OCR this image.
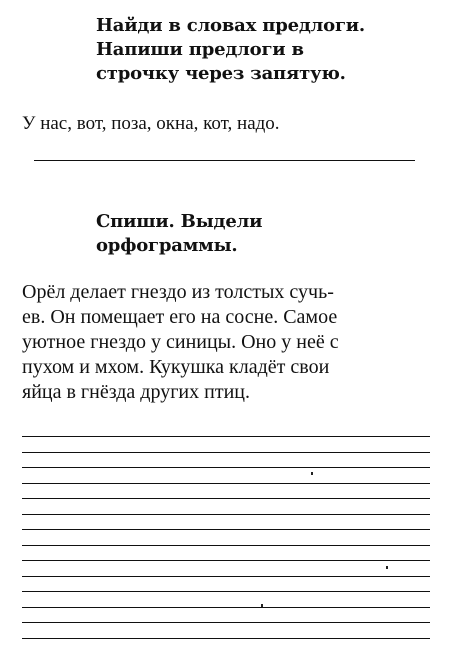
Найди в словах предлоги.
Напиши предлоги в
строчку через запятую.

У нас, вот, поза, окна, кот, надо.

Спиши. Выдели
орфограммы.
Орёл делает гнездо из толстых сучь-
ев. Он помещает его на сосне. Самое
уютное гнездо у синицы. Оно у неё с
пухом и мхом. Кукушка кладёт свои
яйца в гнёзда других птиц.
